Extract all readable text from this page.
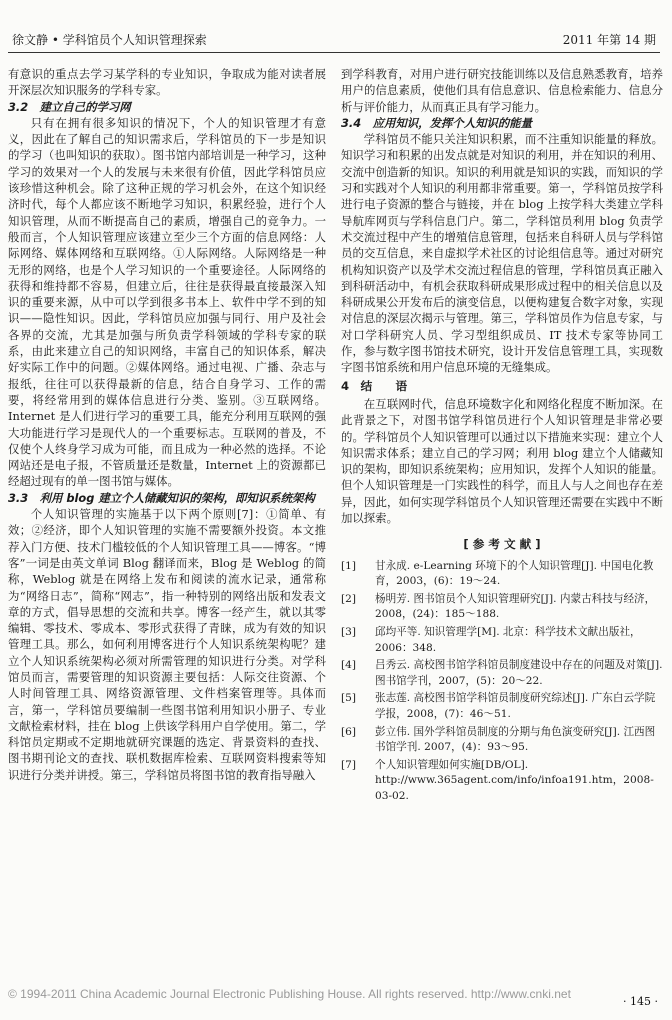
徐文静 • 学科馆员个人知识管理探索	2011 年第 14 期

有意识的重点去学习某学科的专业知识，争取成为能对读者展开深层次知识服务的学科专家。

3.2　建立自己的学习网

只有在拥有很多知识的情况下，个人的知识管理才有意义，因此在了解自己的知识需求后，学科馆员的下一步是知识的学习（也叫知识的获取）。图书馆内部培训是一种学习，这种学习的效果对一个人的发展与未来很有价值，因此学科馆员应该珍惜这种机会。除了这种正规的学习机会外，在这个知识经济时代，每个人都应该不断地学习知识，积累经验，进行个人知识管理，从而不断提高自己的素质，增强自己的竞争力。一般而言，个人知识管理应该建立至少三个方面的信息网络：人际网络、媒体网络和互联网络。①人际网络。人际网络是一种无形的网络，也是个人学习知识的一个重要途径。人际网络的获得和维持都不容易，但建立后，往往是获得最直接最深入知识的重要来源，从中可以学到很多书本上、软件中学不到的知识——隐性知识。因此，学科馆员应加强与同行、用户及社会各界的交流，尤其是加强与所负责学科领域的学科专家的联系，由此来建立自己的知识网络，丰富自己的知识体系，解决好实际工作中的问题。②媒体网络。通过电视、广播、杂志与报纸，往往可以获得最新的信息，结合自身学习、工作的需要，将经常用到的媒体信息进行分类、鉴别。③互联网络。Internet 是人们进行学习的重要工具，能充分利用互联网的强大功能进行学习是现代人的一个重要标志。互联网的普及，不仅使个人终身学习成为可能，而且成为一种必然的选择。不论网站还是电子报，不管质量还是数量，Internet 上的资源都已经超过现有的单一图书馆与媒体。

3.3　利用 blog 建立个人储藏知识的架构，即知识系统架构

个人知识管理的实施基于以下两个原则[7]：①简单、有效；②经济，即个人知识管理的实施不需要额外投资。本文推荐入门方便、技术门槛较低的个人知识管理工具——博客。“博客”一词是由英文单词 Blog 翻译而来，Blog 是 Weblog 的简称，Weblog 就是在网络上发布和阅读的流水记录，通常称为“网络日志”，简称“网志”，指一种特别的网络出版和发表文章的方式，倡导思想的交流和共享。博客一经产生，就以其零编辑、零技术、零成本、零形式获得了青睐，成为有效的知识管理工具。那么，如何利用博客进行个人知识系统架构呢？建立个人知识系统架构必须对所需管理的知识进行分类。对学科馆员而言，需要管理的知识资源主要包括：人际交往资源、个人时间管理工具、网络资源管理、文件档案管理等。具体而言，第一，学科馆员要编制一些图书馆利用知识小册子、专业文献检索材料，挂在 blog 上供该学科用户自学使用。第二，学科馆员定期或不定期地就研究课题的选定、背景资料的查找、图书期刊论文的查找、联机数据库检索、互联网资料搜索等知识进行分类并讲授。第三，学科馆员将图书馆的教育指导融入

到学科教育，对用户进行研究技能训练以及信息熟悉教育，培养用户的信息素质，使他们具有信息意识、信息检索能力、信息分析与评价能力，从而真正具有学习能力。

3.4　应用知识，发挥个人知识的能量

学科馆员不能只关注知识积累，而不注重知识能量的释放。知识学习和积累的出发点就是对知识的利用，并在知识的利用、交流中创造新的知识。知识的利用就是知识的实践，而知识的学习和实践对个人知识的利用都非常重要。第一，学科馆员按学科进行电子资源的整合与链接，并在 blog 上按学科大类建立学科导航库网页与学科信息门户。第二，学科馆员利用 blog 负责学术交流过程中产生的增殖信息管理，包括来自科研人员与学科馆员的交互信息，来自虚拟学术社区的讨论组信息等。通过对研究机构知识资产以及学术交流过程信息的管理，学科馆员真正融入到科研活动中，有机会获取科研成果形成过程中的相关信息以及科研成果公开发布后的演变信息，以便构建复合数字对象，实现对信息的深层次揭示与管理。第三，学科馆员作为信息专家，与对口学科研究人员、学习型组织成员、IT 技术专家等协同工作，参与数字图书馆技术研究，设计开发信息管理工具，实现数字图书馆系统和用户信息环境的无缝集成。

4　结　　语

在互联网时代，信息环境数字化和网络化程度不断加深。在此背景之下，对图书馆学科馆员进行个人知识管理是非常必要的。学科馆员个人知识管理可以通过以下措施来实现：建立个人知识需求体系；建立自己的学习网；利用 blog 建立个人储藏知识的架构，即知识系统架构；应用知识，发挥个人知识的能量。但个人知识管理是一门实践性的科学，而且人与人之间也存在差异，因此，如何实现学科馆员个人知识管理还需要在实践中不断加以探索。

[ 参 考 文 献 ]
[1]	甘永成. e-Learning 环境下的个人知识管理[J]. 中国电化教育，2003，(6)：19～24.
[2]	杨明芳. 图书馆员个人知识管理研究[J]. 内蒙古科技与经济，2008，(24)：185～188.
[3]	邱均平等. 知识管理学[M]. 北京：科学技术文献出版社，2006：348.
[4]	吕秀云. 高校图书馆学科馆员制度建设中存在的问题及对策[J]. 图书馆学刊，2007，(5)：20～22.
[5]	张志莲. 高校图书馆学科馆员制度研究综述[J]. 广东白云学院学报，2008，(7)：46～51.
[6]	彭立伟. 国外学科馆员制度的分期与角色演变研究[J]. 江西图书馆学刊. 2007，(4)：93～95.
[7]	个人知识管理如何实施[DB/OL]. http://www.365agent.com/info/infoa191.htm，2008-03-02.
© 1994-2011 China Academic Journal Electronic Publishing House. All rights reserved. http://www.cnki.net
· 145 ·
